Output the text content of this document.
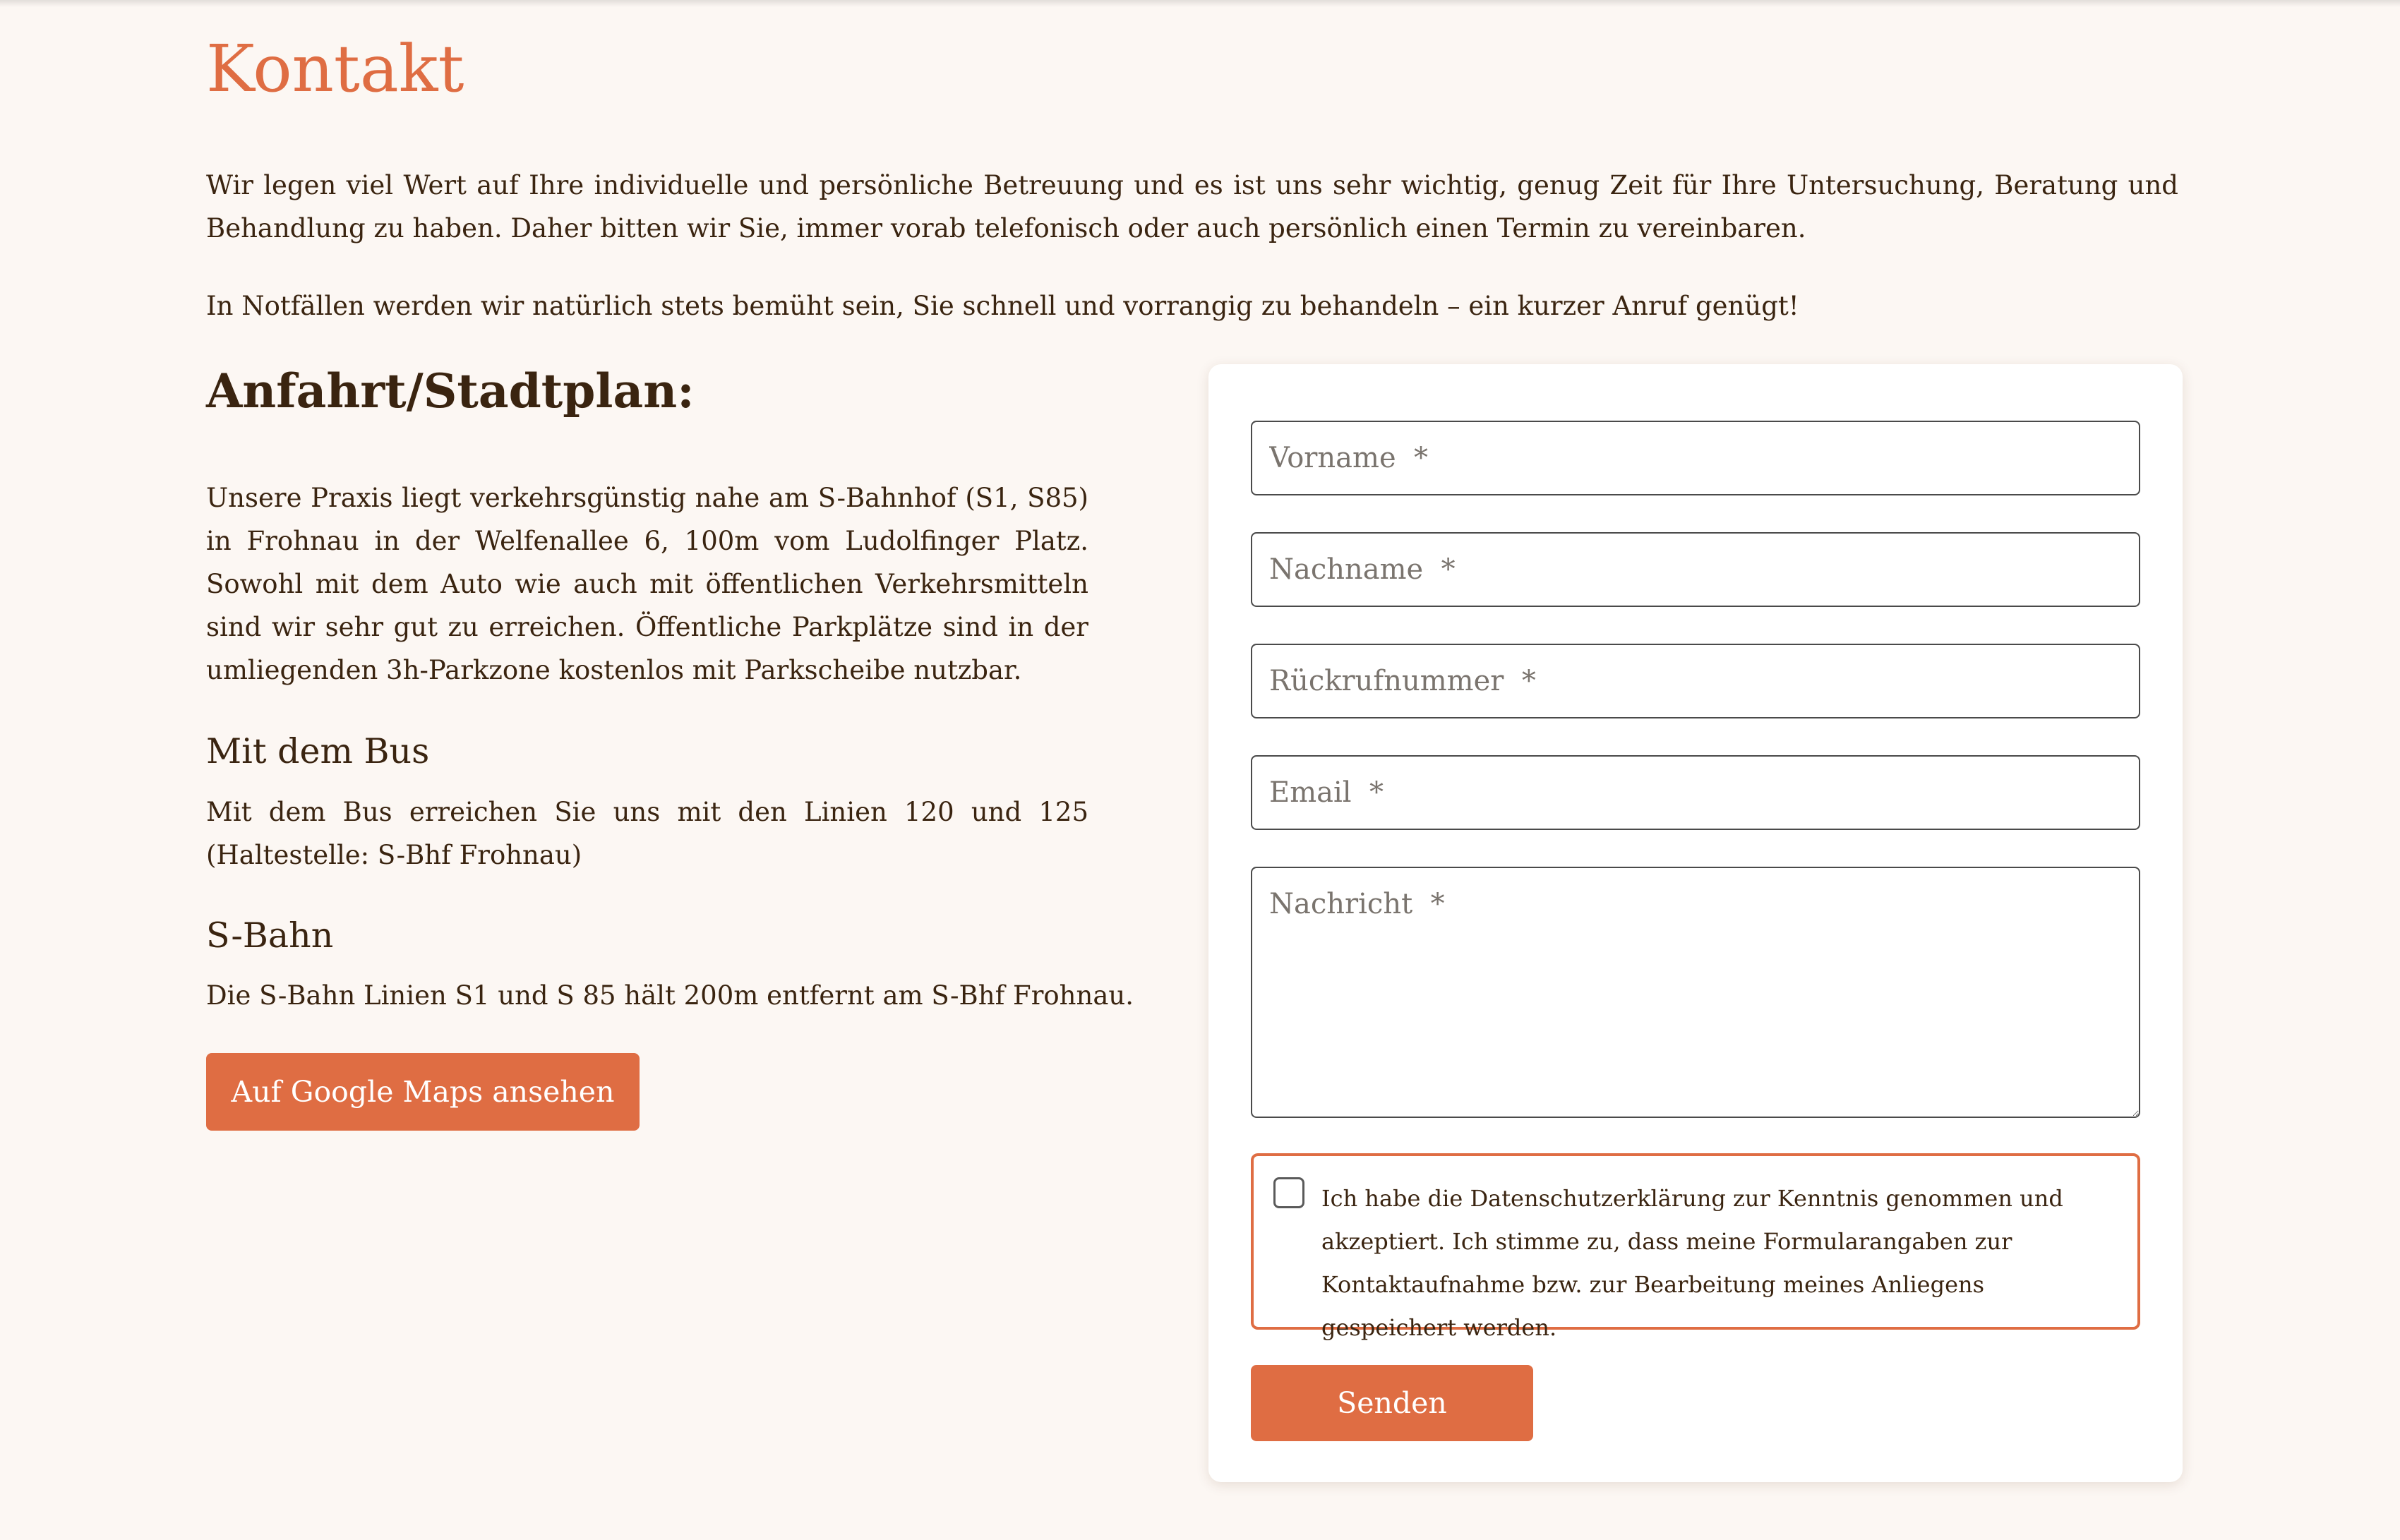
Kontakt

Wir legen viel Wert auf Ihre individuelle und persönliche Betreuung und es ist uns sehr wichtig, genug Zeit für Ihre Untersuchung, Beratung und Behandlung zu haben. Daher bitten wir Sie, immer vorab telefonisch oder auch persönlich einen Termin zu vereinbaren.

In Notfällen werden wir natürlich stets bemüht sein, Sie schnell und vorrangig zu behandeln – ein kurzer Anruf genügt!

Anfahrt/Stadtplan:

Unsere Praxis liegt verkehrsgünstig nahe am S-Bahnhof (S1, S85) in Frohnau in der Welfenallee 6, 100m vom Ludolfinger Platz. Sowohl mit dem Auto wie auch mit öffentlichen Verkehrsmitteln sind wir sehr gut zu erreichen. Öffentliche Parkplätze sind in der umliegenden 3h-Parkzone kostenlos mit Parkscheibe nutzbar.

Mit dem Bus

Mit dem Bus erreichen Sie uns mit den Linien 120 und 125 (Haltestelle: S-Bhf Frohnau)

S-Bahn

Die S-Bahn Linien S1 und S 85 hält 200m entfernt am S-Bhf Frohnau.

Auf Google Maps ansehen
Vorname *
Nachname *
Rückrufnummer *
Email *
Nachricht *

Ich habe die Datenschutzerklärung zur Kenntnis genommen und akzeptiert. Ich stimme zu, dass meine Formularangaben zur Kontaktaufnahme bzw. zur Bearbeitung meines Anliegens gespeichert werden.

Senden
